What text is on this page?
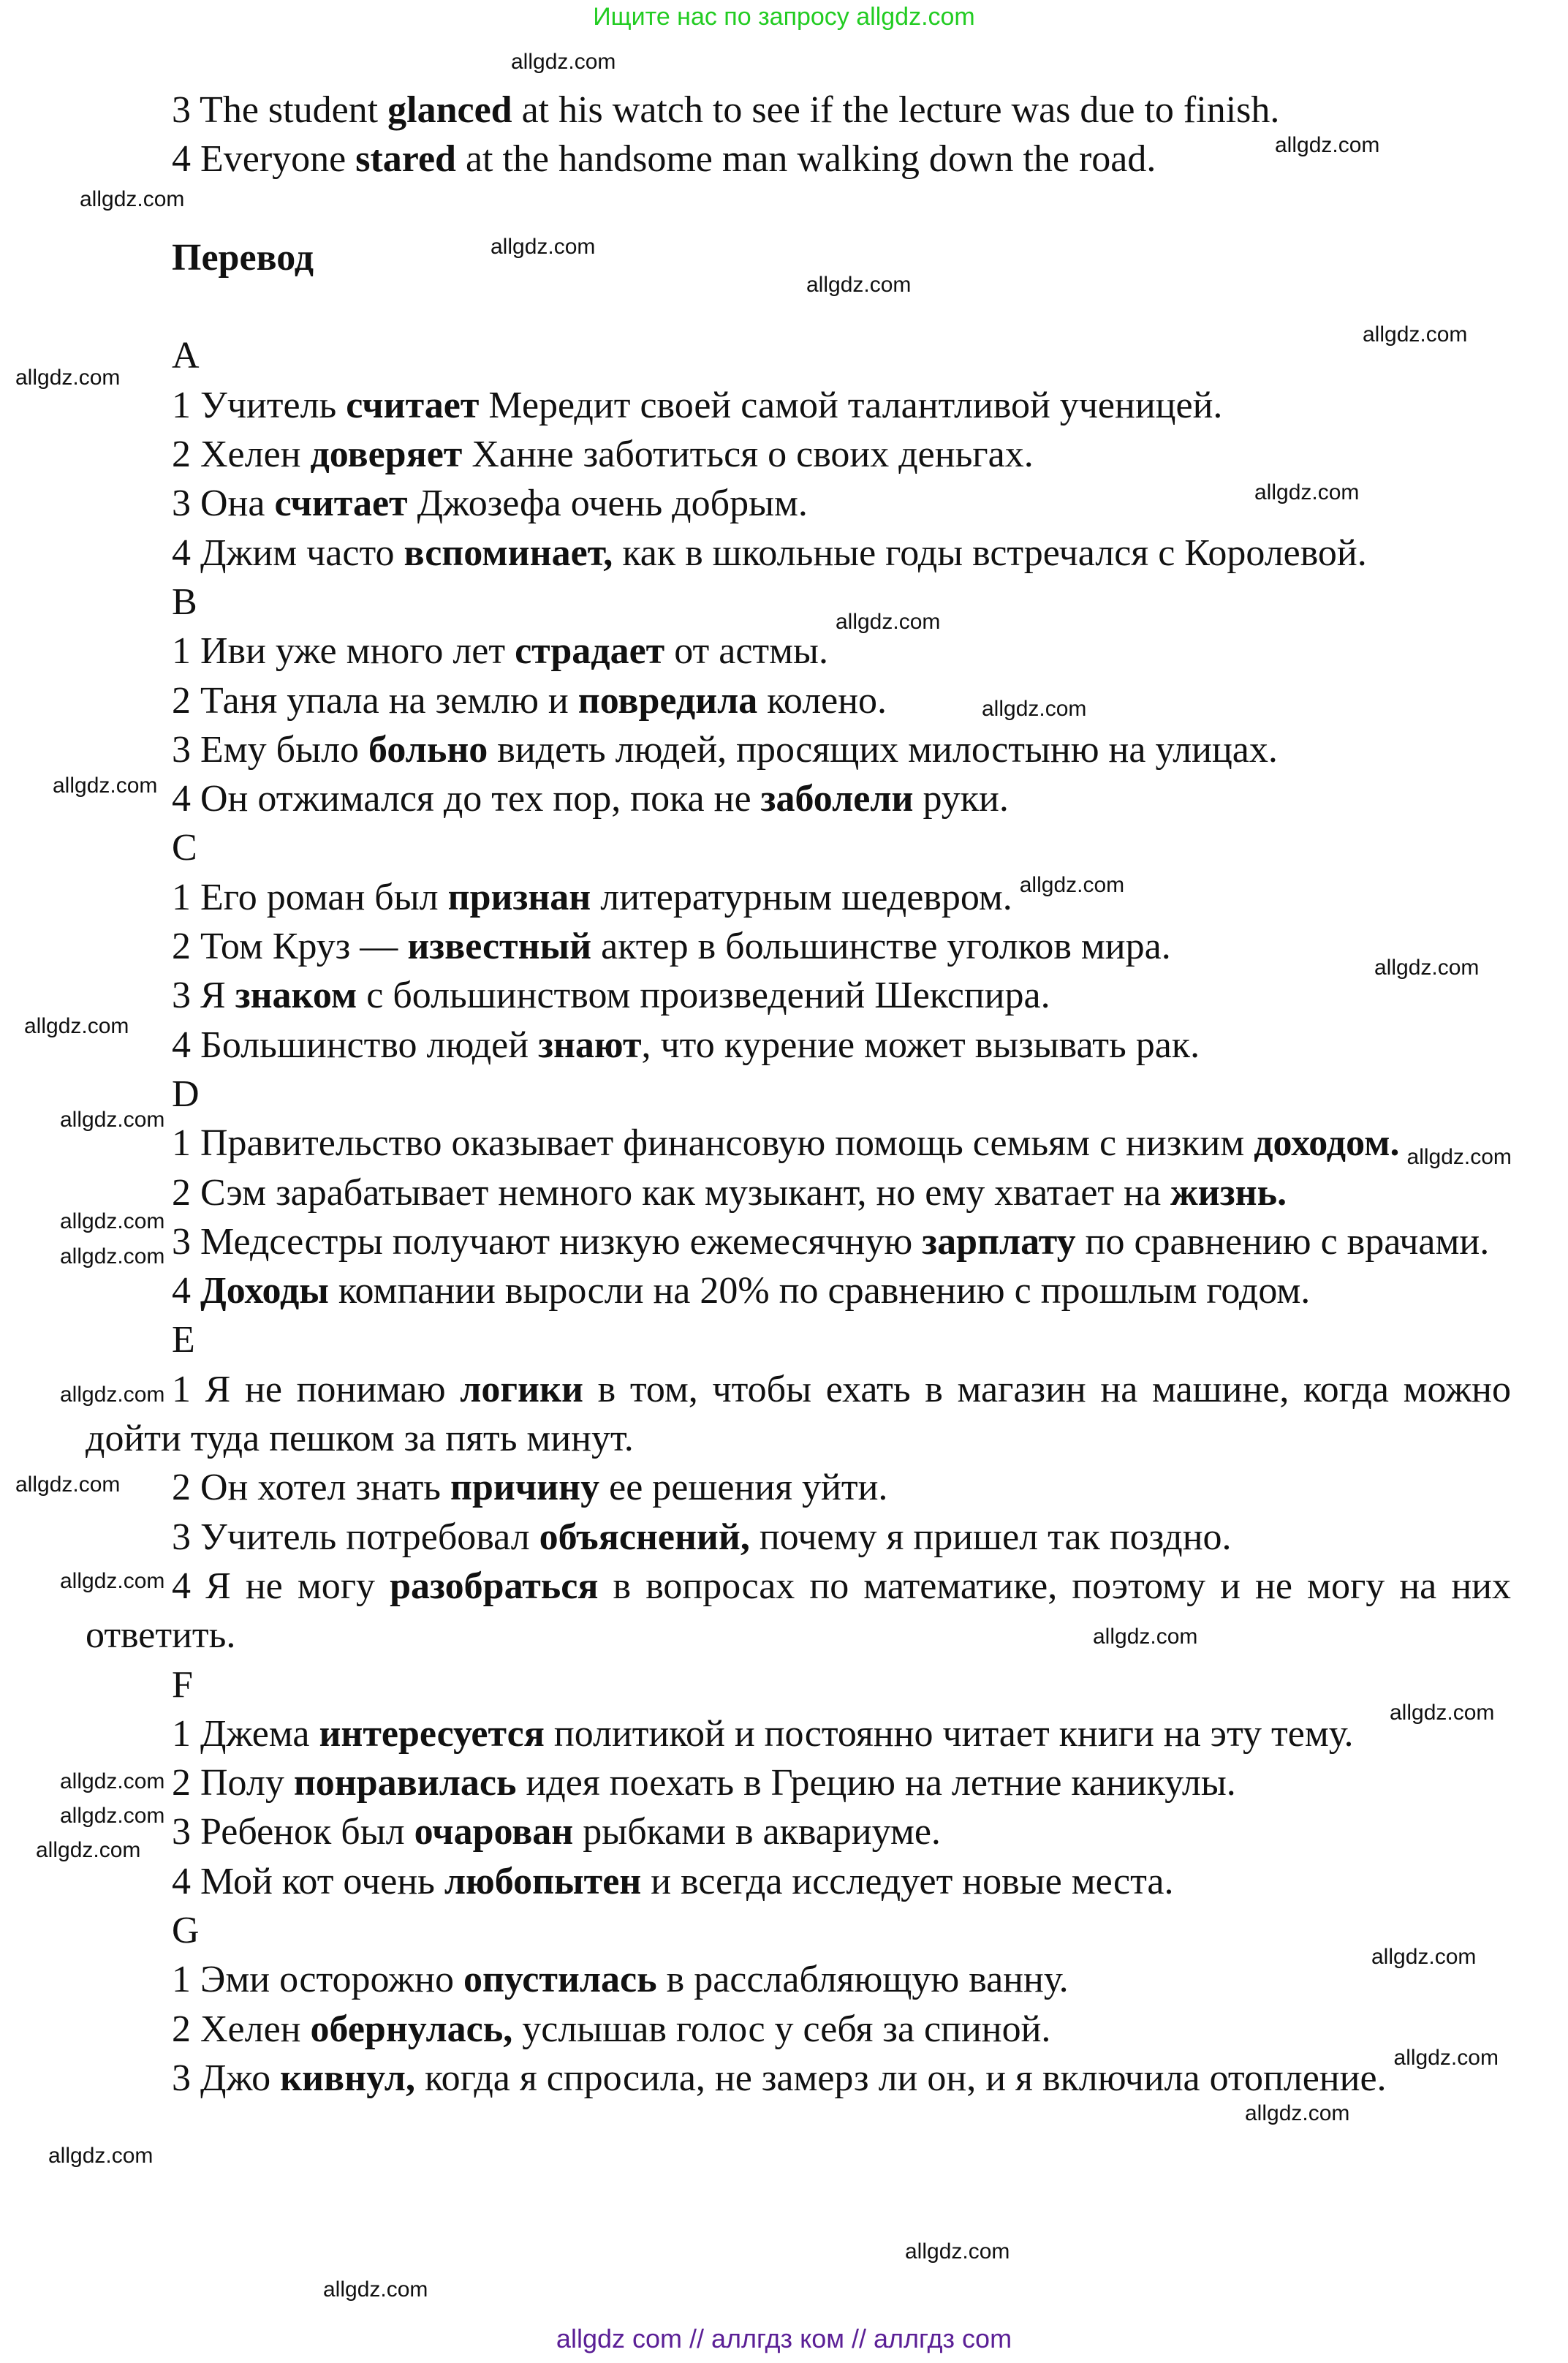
Ищите нас по запросу allgdz.com

3 The student glanced at his watch to see if the lecture was due to finish.

4 Everyone stared at the handsome man walking down the road.

Перевод

A

1 Учитель считает Мередит своей самой талантливой ученицей.

2 Хелен доверяет Ханне заботиться о своих деньгах.

3 Она считает Джозефа очень добрым.

4 Джим часто вспоминает, как в школьные годы встречался с Королевой.

B

1 Иви уже много лет страдает от астмы.

2 Таня упала на землю и повредила колено.

3 Ему было больно видеть людей, просящих милостыню на улицах.

4 Он отжимался до тех пор, пока не заболели руки.

C

1 Его роман был признан литературным шедевром.

2 Том Круз — известный актер в большинстве уголков мира.

3 Я знаком с большинством произведений Шекспира.

4 Большинство людей знают, что курение может вызывать рак.

D

1 Правительство оказывает финансовую помощь семьям с низким доходом.

2 Сэм зарабатывает немного как музыкант, но ему хватает на жизнь.

3 Медсестры получают низкую ежемесячную зарплату по сравнению с врачами.

4 Доходы компании выросли на 20% по сравнению с прошлым годом.

E

1 Я не понимаю логики в том, чтобы ехать в магазин на машине, когда можно дойти туда пешком за пять минут.

2 Он хотел знать причину ее решения уйти.

3 Учитель потребовал объяснений, почему я пришел так поздно.

4 Я не могу разобраться в вопросах по математике, поэтому и не могу на них ответить.

F

1 Джема интересуется политикой и постоянно читает книги на эту тему.

2 Полу понравилась идея поехать в Грецию на летние каникулы.

3 Ребенок был очарован рыбками в аквариуме.

4 Мой кот очень любопытен и всегда исследует новые места.

G

1 Эми осторожно опустилась в расслабляющую ванну.

2 Хелен обернулась, услышав голос у себя за спиной.

3 Джо кивнул, когда я спросила, не замерз ли он, и я включила отопление.

allgdz.com
allgdz.com
allgdz.com
allgdz.com
allgdz.com
allgdz.com
allgdz.com
allgdz.com
allgdz.com
allgdz.com
allgdz.com
allgdz.com
allgdz.com
allgdz.com
allgdz.com
allgdz.com
allgdz.com
allgdz.com
allgdz.com
allgdz.com
allgdz.com
allgdz.com
allgdz.com
allgdz.com
allgdz.com
allgdz.com
allgdz.com
allgdz.com
allgdz.com
allgdz.com
allgdz.com
allgdz.com
allgdz com // аллгдз ком // аллгдз com
